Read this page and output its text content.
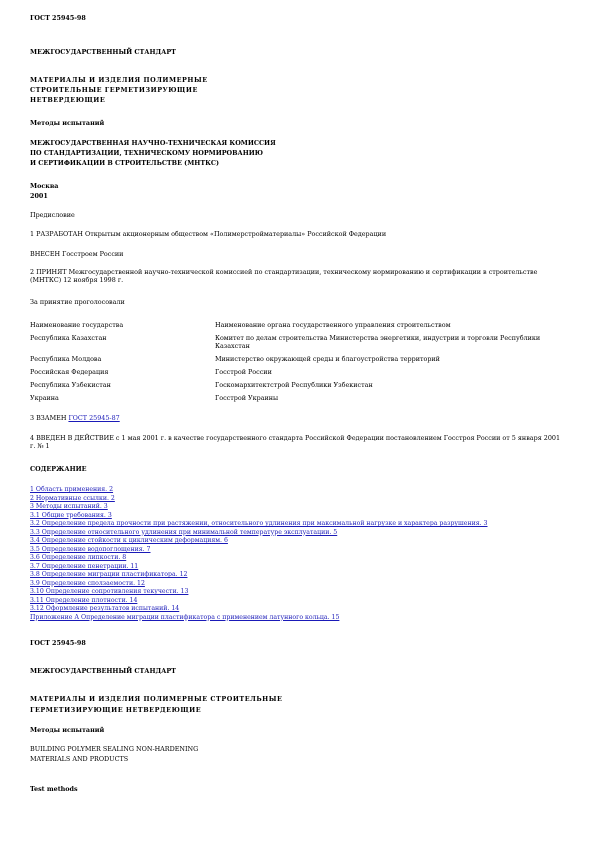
ГОСТ 25945-98
МЕЖГОСУДАРСТВЕННЫЙ СТАНДАРТ
МАТЕРИАЛЫ И ИЗДЕЛИЯ ПОЛИМЕРНЫЕ
СТРОИТЕЛЬНЫЕ ГЕРМЕТИЗИРУЮЩИЕ
НЕТВЕРДЕЮЩИЕ
Методы испытаний
МЕЖГОСУДАРСТВЕННАЯ НАУЧНО-ТЕХНИЧЕСКАЯ КОМИССИЯ
ПО СТАНДАРТИЗАЦИИ, ТЕХНИЧЕСКОМУ НОРМИРОВАНИЮ
И СЕРТИФИКАЦИИ В СТРОИТЕЛЬСТВЕ (МНТКС)
Москва
2001
Предисловие
1 РАЗРАБОТАН Открытым акционерным обществом «Полимерстройматериалы» Российской Федерации
ВНЕСЕН Госстроем России
2 ПРИНЯТ Межгосударственной научно-технической комиссией по стандартизации, техническому нормированию и сертификации в строительстве (МНТКС) 12 ноября 1998 г.
За принятие проголосовали
Наименование государства	Наименование органа государственного управления строительством
Республика Казахстан	Комитет по делам строительства Министерства энергетики, индустрии и торговли Республики Казахстан
Республика Молдова	Министерство окружающей среды и благоустройства территорий
Российская Федерация	Госстрой России
Республика Узбекистан	Госкомархитектстрой Республики Узбекистан
Украина	Госстрой Украины
3 ВЗАМЕН ГОСТ 25945-87
4 ВВЕДЕН В ДЕЙСТВИЕ с 1 мая 2001 г. в качестве государственного стандарта Российской Федерации постановлением Госстроя России от 5 января 2001 г. № 1
СОДЕРЖАНИЕ
1 Область применения. 2
2 Нормативные ссылки. 2
3 Методы испытаний. 3
3.1 Общие требования. 3
3.2 Определение предела прочности при растяжении, относительного удлинения при максимальной нагрузке и характера разрушения. 3
3.3 Определение относительного удлинения при минимальной температуре эксплуатации. 5
3.4 Определение стойкости к циклическим деформациям. 6
3.5 Определение водопоглощения. 7
3.6 Определение липкости. 8
3.7 Определение пенетрации. 11
3.8 Определение миграции пластификатора. 12
3.9 Определение сползаемости. 12
3.10 Определение сопротивления текучести. 13
3.11 Определение плотности. 14
3.12 Оформление результатов испытаний. 14
Приложение А Определение миграции пластификатора с применением латунного кольца. 15
ГОСТ 25945-98
МЕЖГОСУДАРСТВЕННЫЙ СТАНДАРТ
МАТЕРИАЛЫ И ИЗДЕЛИЯ ПОЛИМЕРНЫЕ СТРОИТЕЛЬНЫЕ
ГЕРМЕТИЗИРУЮЩИЕ НЕТВЕРДЕЮЩИЕ
Методы испытаний
BUILDING POLYMER SEALING NON-HARDENING
MATERIALS AND PRODUCTS
Test methods
